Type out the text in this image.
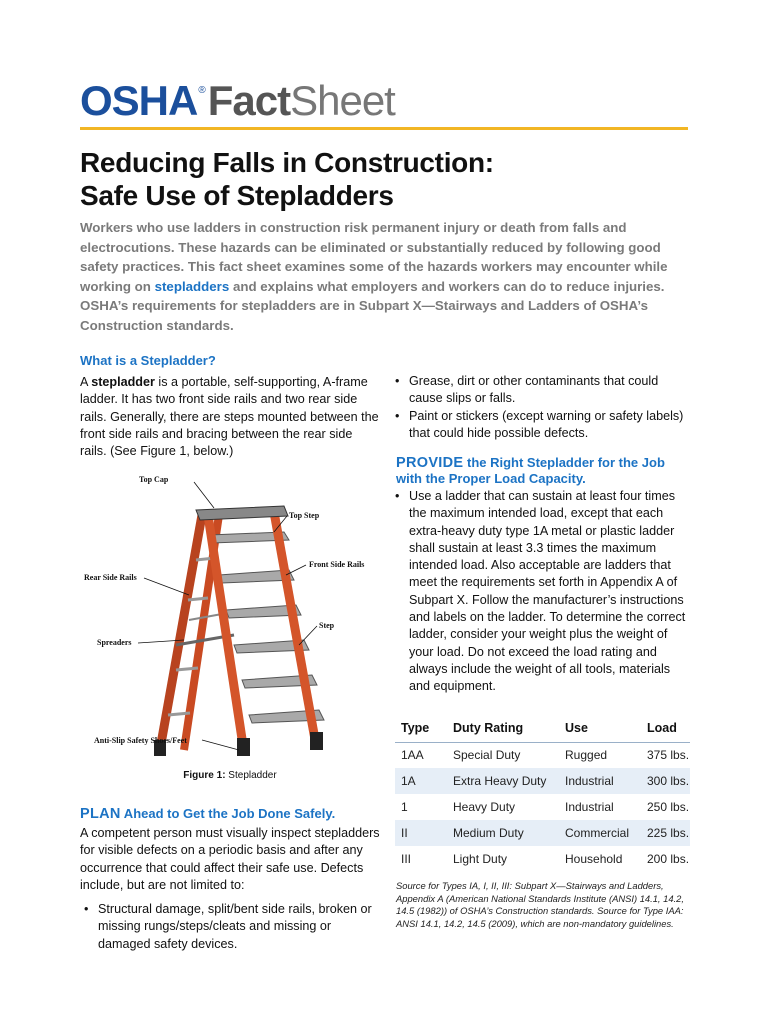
OSHA ® Fact Sheet
Reducing Falls in Construction:
Safe Use of Stepladders

Workers who use ladders in construction risk permanent injury or death from falls and electrocutions. These hazards can be eliminated or substantially reduced by following good safety practices. This fact sheet examines some of the hazards workers may encounter while working on stepladders and explains what employers and workers can do to reduce injuries. OSHA’s requirements for stepladders are in Subpart X—Stairways and Ladders of OSHA’s Construction standards.

What is a Stepladder?

A stepladder is a portable, self-supporting, A-frame ladder. It has two front side rails and two rear side rails. Generally, there are steps mounted between the front side rails and bracing between the rear side rails. (See Figure 1, below.)

Top Cap
Top Step
Front Side Rails
Rear Side Rails
Spreaders
Step
Anti-Slip Safety Shoes/Feet

Figure 1: Stepladder

PLAN Ahead to Get the Job Done Safely.

A competent person must visually inspect stepladders for visible defects on a periodic basis and after any occurrence that could affect their safe use. Defects include, but are not limited to:

• Structural damage, split/bent side rails, broken or missing rungs/steps/cleats and missing or damaged safety devices.
• Grease, dirt or other contaminants that could cause slips or falls.
• Paint or stickers (except warning or safety labels) that could hide possible defects.
PROVIDE the Right Stepladder for the Job with the Proper Load Capacity.
• Use a ladder that can sustain at least four times the maximum intended load, except that each extra-heavy duty type 1A metal or plastic ladder shall sustain at least 3.3 times the maximum intended load. Also acceptable are ladders that meet the requirements set forth in Appendix A of Subpart X. Follow the manufacturer’s instructions and labels on the ladder. To determine the correct ladder, consider your weight plus the weight of your load. Do not exceed the load rating and always include the weight of all tools, materials and equipment.
Type	Duty Rating	Use	Load
1AA	Special Duty	Rugged	375 lbs.
1A	Extra Heavy Duty	Industrial	300 lbs.
1	Heavy Duty	Industrial	250 lbs.
II	Medium Duty	Commercial	225 lbs.
III	Light Duty	Household	200 lbs.

Source for Types IA, I, II, III: Subpart X—Stairways and Ladders, Appendix A (American National Standards Institute (ANSI) 14.1, 14.2, 14.5 (1982)) of OSHA’s Construction standards. Source for Type IAA: ANSI 14.1, 14.2, 14.5 (2009), which are non-mandatory guidelines.
